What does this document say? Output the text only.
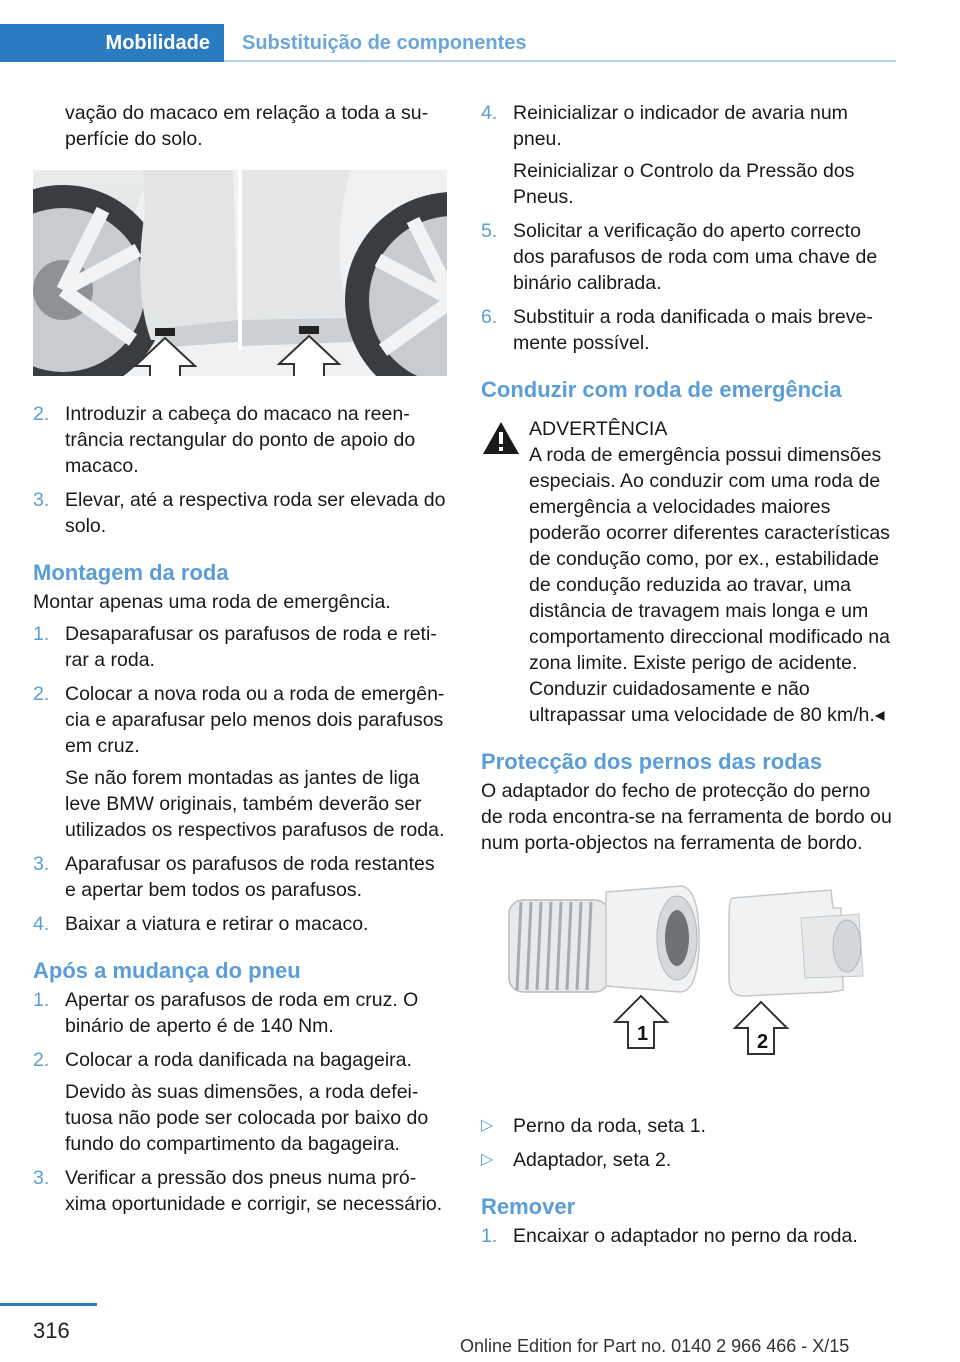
Mobilidade	Substituição de componentes

vação do macaco em relação a toda a superfície do solo.

2. Introduzir a cabeça do macaco na reentrância rectangular do ponto de apoio do macaco.
3. Elevar, até a respectiva roda ser elevada do solo.
Montagem da roda

Montar apenas uma roda de emergência.

1. Desaparafusar os parafusos de roda e retirar a roda.
2. Colocar a nova roda ou a roda de emergência e aparafusar pelo menos dois parafusos em cruz.
Se não forem montadas as jantes de liga leve BMW originais, também deverão ser utilizados os respectivos parafusos de roda.
3. Aparafusar os parafusos de roda restantes e apertar bem todos os parafusos.
4. Baixar a viatura e retirar o macaco.
Após a mudança do pneu
1. Apertar os parafusos de roda em cruz. O binário de aperto é de 140 Nm.
2. Colocar a roda danificada na bagageira.
Devido às suas dimensões, a roda defeituosa não pode ser colocada por baixo do fundo do compartimento da bagageira.
3. Verificar a pressão dos pneus numa próxima oportunidade e corrigir, se necessário.
4. Reinicializar o indicador de avaria num pneu.
Reinicializar o Controlo da Pressão dos Pneus.
5. Solicitar a verificação do aperto correcto dos parafusos de roda com uma chave de binário calibrada.
6. Substituir a roda danificada o mais brevemente possível.
Conduzir com roda de emergência
ADVERTÊNCIA
A roda de emergência possui dimensões especiais. Ao conduzir com uma roda de emergência a velocidades maiores poderão ocorrer diferentes características de condução como, por ex., estabilidade de condução reduzida ao travar, uma distância de travagem mais longa e um comportamento direccional modificado na zona limite. Existe perigo de acidente. Conduzir cuidadosamente e não ultrapassar uma velocidade de 80 km/h.◂
Protecção dos pernos das rodas

O adaptador do fecho de protecção do perno de roda encontra-se na ferramenta de bordo ou num porta-objectos na ferramenta de bordo.

1	2
▷ Perno da roda, seta 1.
▷ Adaptador, seta 2.
Remover
1. Encaixar o adaptador no perno da roda.
316
Online Edition for Part no. 0140 2 966 466 - X/15
